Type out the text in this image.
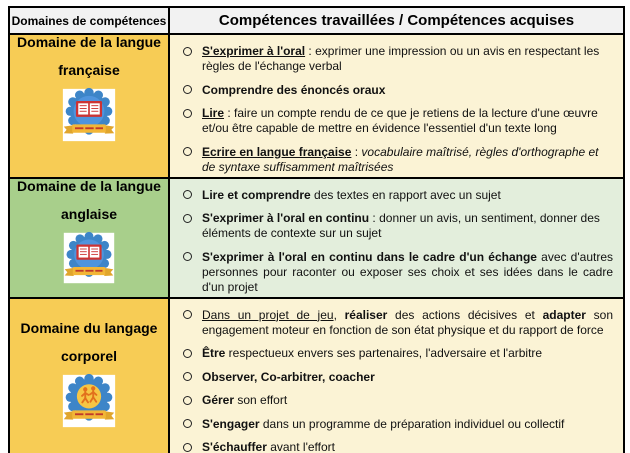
Domaines de compétences	Compétences travaillées / Compétences acquises

Domaine de la langue
française

S'exprimer à l'oral : exprimer une impression ou un avis en respectant les règles de l'échange verbal
Comprendre des énoncés oraux
Lire : faire un compte rendu de ce que je retiens de la lecture d'une œuvre et/ou être capable de mettre en évidence l'essentiel d'un texte long
Ecrire en langue française : vocabulaire maîtrisé, règles d'orthographe et de syntaxe suffisamment maîtrisées

Domaine de la langue
anglaise

Lire et comprendre des textes en rapport avec un sujet
S'exprimer à l'oral en continu : donner un avis, un sentiment, donner des éléments de contexte sur un sujet
S'exprimer à l'oral en continu dans le cadre d'un échange avec d'autres personnes pour raconter ou exposer ses choix et ses idées dans le cadre d'un projet

Domaine du langage
corporel

Dans un projet de jeu, réaliser des actions décisives et adapter son engagement moteur en fonction de son état physique et du rapport de force
Être respectueux envers ses partenaires, l'adversaire et l'arbitre
Observer, Co-arbitrer, coacher
Gérer son effort
S'engager dans un programme de préparation individuel ou collectif
S'échauffer avant l'effort
